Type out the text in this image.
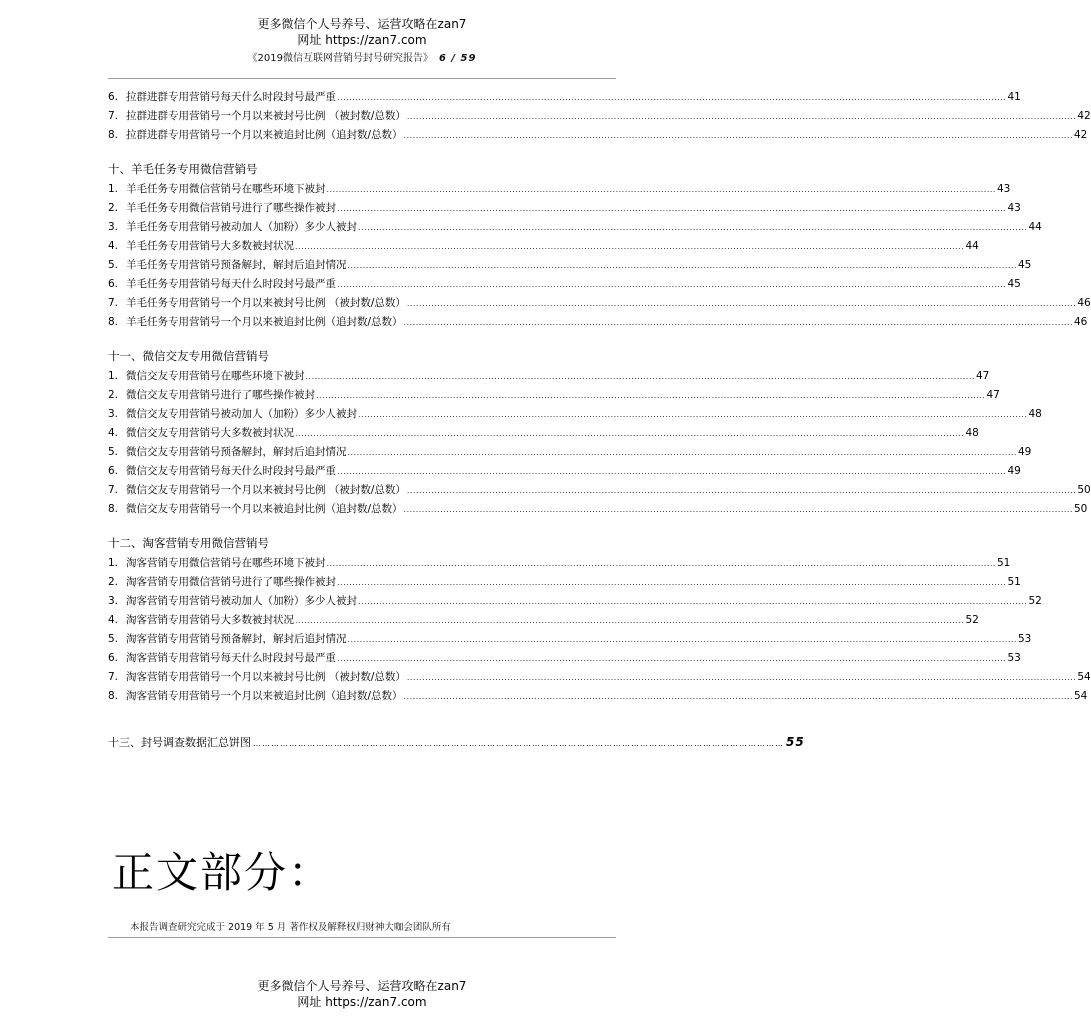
更多微信个人号养号、运营攻略在zan7
网址 https://zan7.com
《2019微信互联网营销号封号研究报告》 6 / 59
6. 拉群进群专用营销号每天什么时段封号最严重 ............................................................................................................................................................................................................................ 41
7. 拉群进群专用营销号一个月以来被封号比例 （被封数/总数） ............................................................................................................................................................................................................................ 42
8. 拉群进群专用营销号一个月以来被追封比例（追封数/总数） ............................................................................................................................................................................................................................ 42
十、羊毛任务专用微信营销号
1. 羊毛任务专用微信营销号在哪些环境下被封 ............................................................................................................................................................................................................................ 43
2. 羊毛任务专用微信营销号进行了哪些操作被封 ............................................................................................................................................................................................................................ 43
3. 羊毛任务专用营销号被动加人（加粉）多少人被封 ............................................................................................................................................................................................................................ 44
4. 羊毛任务专用营销号大多数被封状况 ............................................................................................................................................................................................................................ 44
5. 羊毛任务专用营销号预备解封，解封后追封情况 ............................................................................................................................................................................................................................ 45
6. 羊毛任务专用营销号每天什么时段封号最严重 ............................................................................................................................................................................................................................ 45
7. 羊毛任务专用营销号一个月以来被封号比例 （被封数/总数） ............................................................................................................................................................................................................................ 46
8. 羊毛任务专用营销号一个月以来被追封比例（追封数/总数） ............................................................................................................................................................................................................................ 46
十一、微信交友专用微信营销号
1. 微信交友专用营销号在哪些环境下被封 ............................................................................................................................................................................................................................ 47
2. 微信交友专用营销号进行了哪些操作被封 ............................................................................................................................................................................................................................ 47
3. 微信交友专用营销号被动加人（加粉）多少人被封 ............................................................................................................................................................................................................................ 48
4. 微信交友专用营销号大多数被封状况 ............................................................................................................................................................................................................................ 48
5. 微信交友专用营销号预备解封，解封后追封情况 ............................................................................................................................................................................................................................ 49
6. 微信交友专用营销号每天什么时段封号最严重 ............................................................................................................................................................................................................................ 49
7. 微信交友专用营销号一个月以来被封号比例 （被封数/总数） ............................................................................................................................................................................................................................ 50
8. 微信交友专用营销号一个月以来被追封比例（追封数/总数） ............................................................................................................................................................................................................................ 50
十二、淘客营销专用微信营销号
1. 淘客营销专用微信营销号在哪些环境下被封 ............................................................................................................................................................................................................................ 51
2. 淘客营销专用微信营销号进行了哪些操作被封 ............................................................................................................................................................................................................................ 51
3. 淘客营销专用营销号被动加人（加粉）多少人被封 ............................................................................................................................................................................................................................ 52
4. 淘客营销专用营销号大多数被封状况 ............................................................................................................................................................................................................................ 52
5. 淘客营销专用营销号预备解封，解封后追封情况 ............................................................................................................................................................................................................................ 53
6. 淘客营销专用营销号每天什么时段封号最严重 ............................................................................................................................................................................................................................ 53
7. 淘客营销专用营销号一个月以来被封号比例 （被封数/总数） ............................................................................................................................................................................................................................ 54
8. 淘客营销专用营销号一个月以来被追封比例（追封数/总数） ............................................................................................................................................................................................................................ 54
十三、封号调查数据汇总饼图 …………………………………………………………………………………………………………………………………………………………… 55
正文部分：
本报告调查研究完成于 2019 年 5 月 著作权及解释权归财神大咖会团队所有
更多微信个人号养号、运营攻略在zan7
网址 https://zan7.com
